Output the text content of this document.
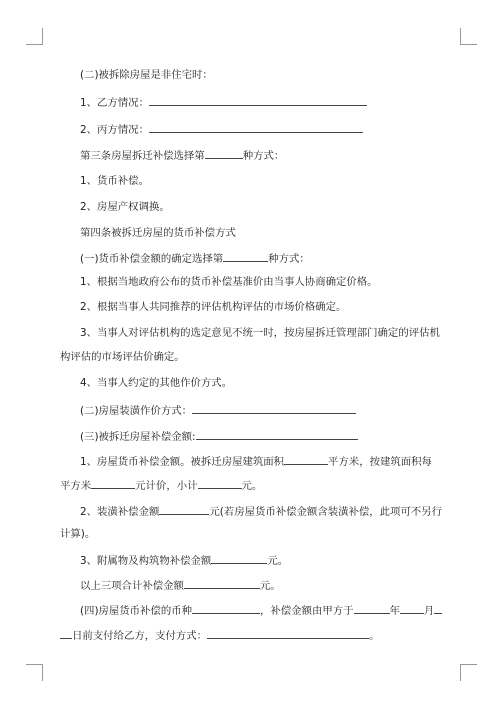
(二)被拆除房屋是非住宅时：
1、乙方情况：
2、丙方情况：
第三条房屋拆迁补偿选择第	种方式：
1、货币补偿。
2、房屋产权调换。
第四条被拆迁房屋的货币补偿方式
(一)货币补偿金额的确定选择第	种方式：
1、根据当地政府公布的货币补偿基准价由当事人协商确定价格。
2、根据当事人共同推荐的评估机构评估的市场价格确定。
3、当事人对评估机构的选定意见不统一时，按房屋拆迁管理部门确定的评估机
构评估的市场评估价确定。
4、当事人约定的其他作价方式。
(二)房屋装潢作价方式：
(三)被拆迁房屋补偿金额:
1、房屋货币补偿金额。被拆迁房屋建筑面积	平方米，按建筑面积每
平方米	元计价，小计	元。
2、装潢补偿金额	元(若房屋货币补偿金额含装潢补偿，此项可不另行
计算)。
3、附属物及构筑物补偿金额	元。
以上三项合计补偿金额	元。
(四)房屋货币补偿的币种	，补偿金额由甲方于	年 月
日前支付给乙方，支付方式：	。
